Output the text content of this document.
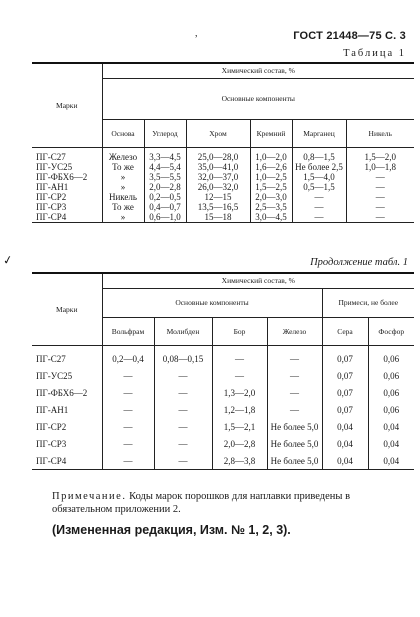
ГОСТ 21448—75 С. 3
,
Таблица 1
Марки	Химический состав, %					
	Основные компоненты					
	Основа	Углерод	Хром	Кремний	Марганец	Никель
ПГ-С27	Железо	3,3—4,5	25,0—28,0	1,0—2,0	0,8—1,5	1,5—2,0
ПГ-УС25	То же	4,4—5,4	35,0—41,0	1,6—2,6	Не более 2,5	1,0—1,8
ПГ-ФБХ6—2	»	3,5—5,5	32,0—37,0	1,0—2,5	1,5—4,0	—
ПГ-АН1	»	2,0—2,8	26,0—32,0	1,5—2,5	0,5—1,5	—
ПГ-СР2	Никель	0,2—0,5	12—15	2,0—3,0	—	—
ПГ-СР3	То же	0,4—0,7	13,5—16,5	2,5—3,5	—	—
ПГ-СР4	»	0,6—1,0	15—18	3,0—4,5	—	—
✓	Продолжение табл. 1
Марки	Химический состав, %					
	Основные компоненты				Примеси, не более	
	Вольфрам	Молибден	Бор	Железо	Сера	Фосфор
ПГ-С27	0,2—0,4	0,08—0,15	—	—	0,07	0,06
ПГ-УС25	—	—	—	—	0,07	0,06
ПГ-ФБХ6—2	—	—	1,3—2,0	—	0,07	0,06
ПГ-АН1	—	—	1,2—1,8	—	0,07	0,06
ПГ-СР2	—	—	1,5—2,1	Не более 5,0	0,04	0,04
ПГ-СР3	—	—	2,0—2,8	Не более 5,0	0,04	0,04
ПГ-СР4	—	—	2,8—3,8	Не более 5,0	0,04	0,04
Примечание. Коды марок порошков для наплавки приведены в обязательном приложении 2.
(Измененная редакция, Изм. № 1, 2, 3).
